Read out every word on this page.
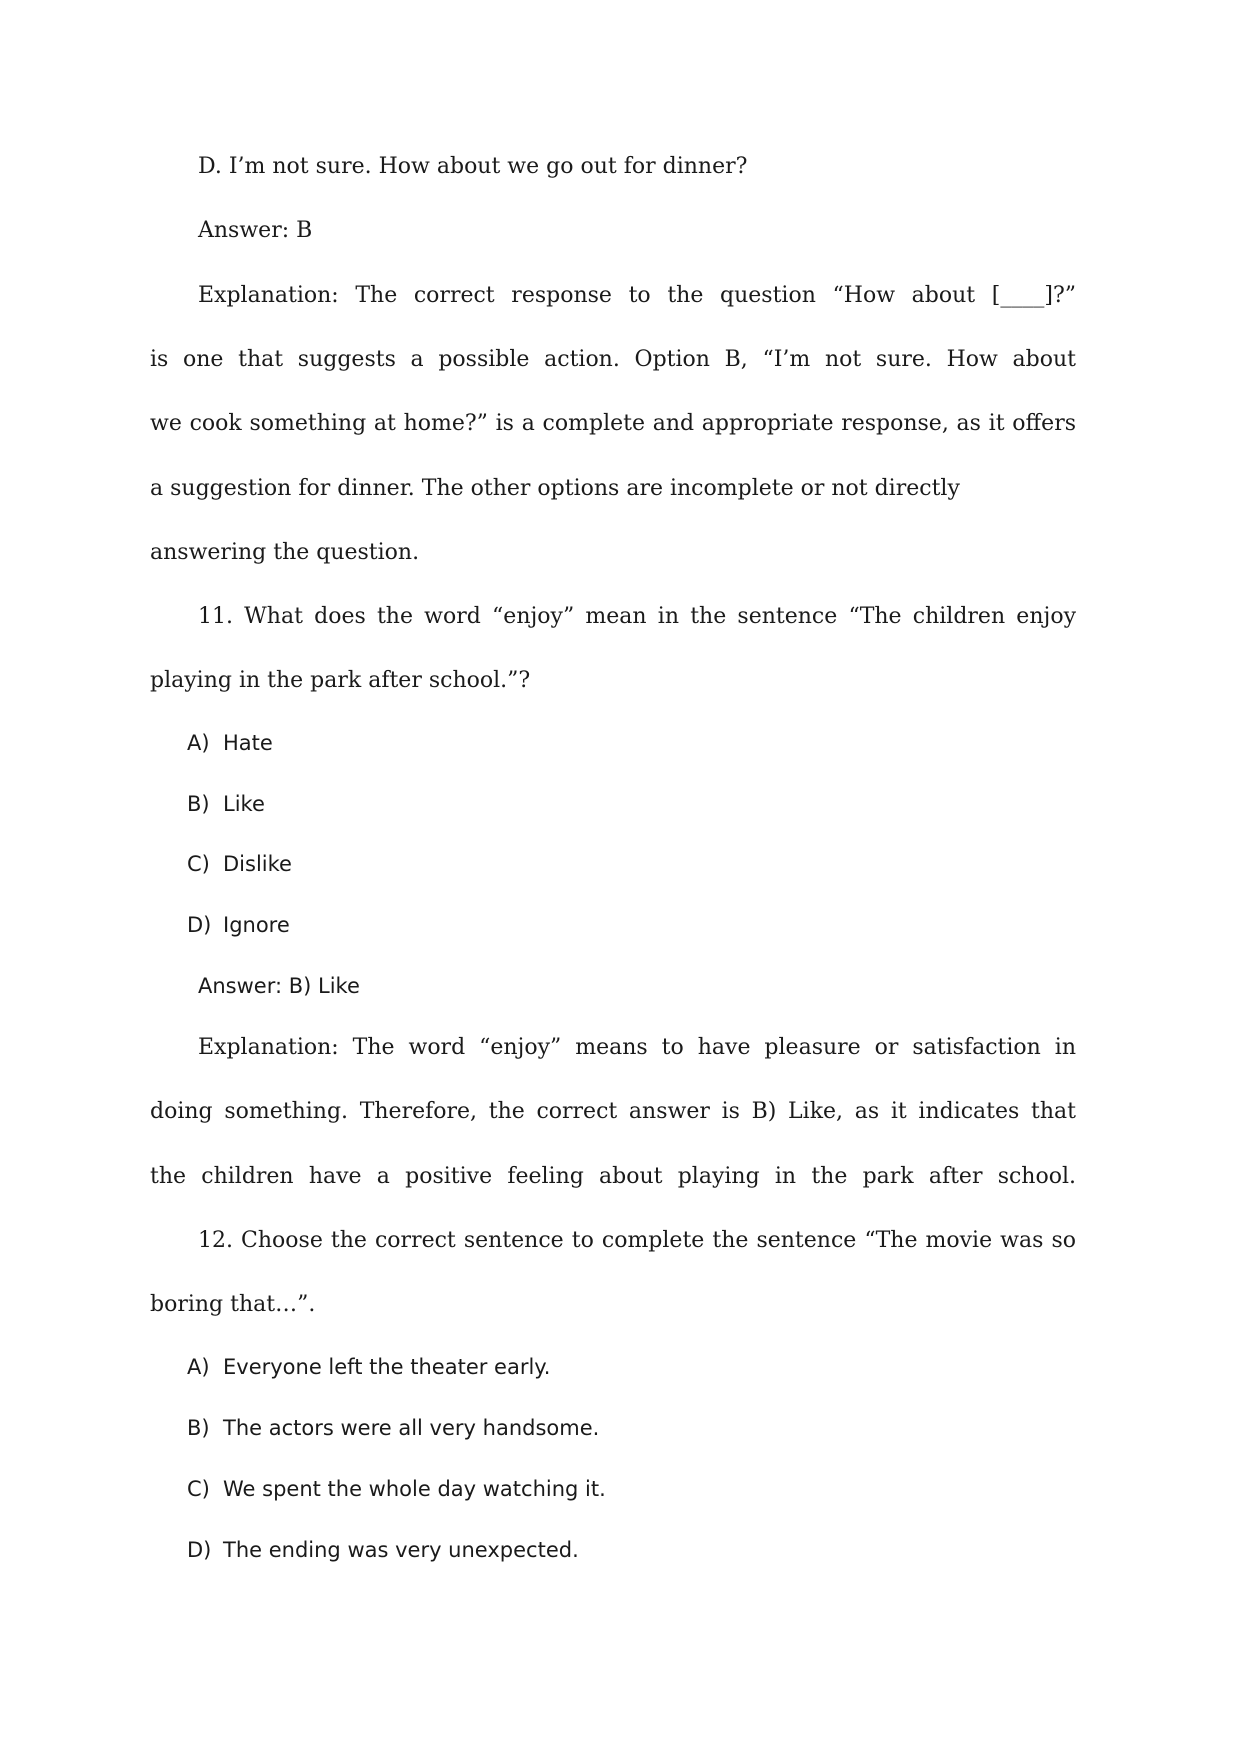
D. I’m not sure. How about we go out for dinner?
Answer: B
Explanation: The correct response to the question “How about [____]?”
is one that suggests a possible action. Option B, “I’m not sure. How about
we cook something at home?” is a complete and appropriate response, as it offers
a suggestion for dinner. The other options are incomplete or not directly
answering the question.
11. What does the word “enjoy” mean in the sentence “The children enjoy
playing in the park after school.”?
A) Hate
B) Like
C) Dislike
D) Ignore
Answer: B) Like
Explanation: The word “enjoy” means to have pleasure or satisfaction in
doing something. Therefore, the correct answer is B) Like, as it indicates that
the children have a positive feeling about playing in the park after school.
12. Choose the correct sentence to complete the sentence “The movie was so
boring that…”.
A) Everyone left the theater early.
B) The actors were all very handsome.
C) We spent the whole day watching it.
D) The ending was very unexpected.
